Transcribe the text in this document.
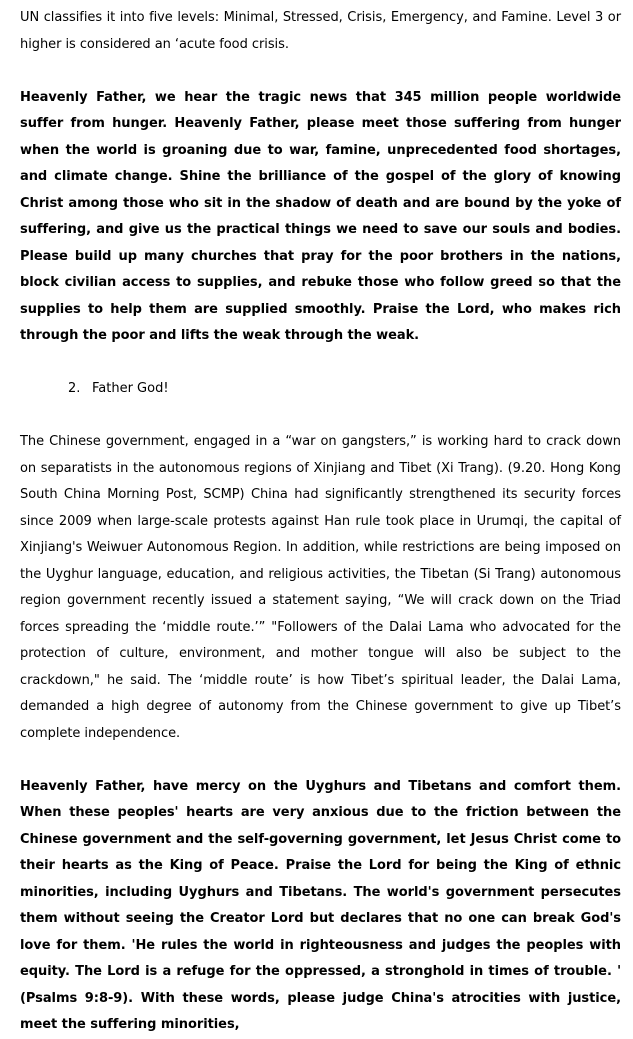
UN classifies it into five levels: Minimal, Stressed, Crisis, Emergency, and Famine. Level 3 or higher is considered an ‘acute food crisis.

Heavenly Father, we hear the tragic news that 345 million people worldwide suffer from hunger. Heavenly Father, please meet those suffering from hunger when the world is groaning due to war, famine, unprecedented food shortages, and climate change. Shine the brilliance of the gospel of the glory of knowing Christ among those who sit in the shadow of death and are bound by the yoke of suffering, and give us the practical things we need to save our souls and bodies. Please build up many churches that pray for the poor brothers in the nations, block civilian access to supplies, and rebuke those who follow greed so that the supplies to help them are supplied smoothly. Praise the Lord, who makes rich through the poor and lifts the weak through the weak.

2. Father God!

The Chinese government, engaged in a “war on gangsters,” is working hard to crack down on separatists in the autonomous regions of Xinjiang and Tibet (Xi Trang). (9.20. Hong Kong South China Morning Post, SCMP) China had significantly strengthened its security forces since 2009 when large-scale protests against Han rule took place in Urumqi, the capital of Xinjiang's Weiwuer Autonomous Region. In addition, while restrictions are being imposed on the Uyghur language, education, and religious activities, the Tibetan (Si Trang) autonomous region government recently issued a statement saying, “We will crack down on the Triad forces spreading the ‘middle route.’” "Followers of the Dalai Lama who advocated for the protection of culture, environment, and mother tongue will also be subject to the crackdown," he said. The ‘middle route’ is how Tibet’s spiritual leader, the Dalai Lama, demanded a high degree of autonomy from the Chinese government to give up Tibet’s complete independence.

Heavenly Father, have mercy on the Uyghurs and Tibetans and comfort them. When these peoples' hearts are very anxious due to the friction between the Chinese government and the self-governing government, let Jesus Christ come to their hearts as the King of Peace. Praise the Lord for being the King of ethnic minorities, including Uyghurs and Tibetans. The world's government persecutes them without seeing the Creator Lord but declares that no one can break God's love for them. 'He rules the world in righteousness and judges the peoples with equity. The Lord is a refuge for the oppressed, a stronghold in times of trouble. ' (Psalms 9:8-9). With these words, please judge China's atrocities with justice, meet the suffering minorities,
